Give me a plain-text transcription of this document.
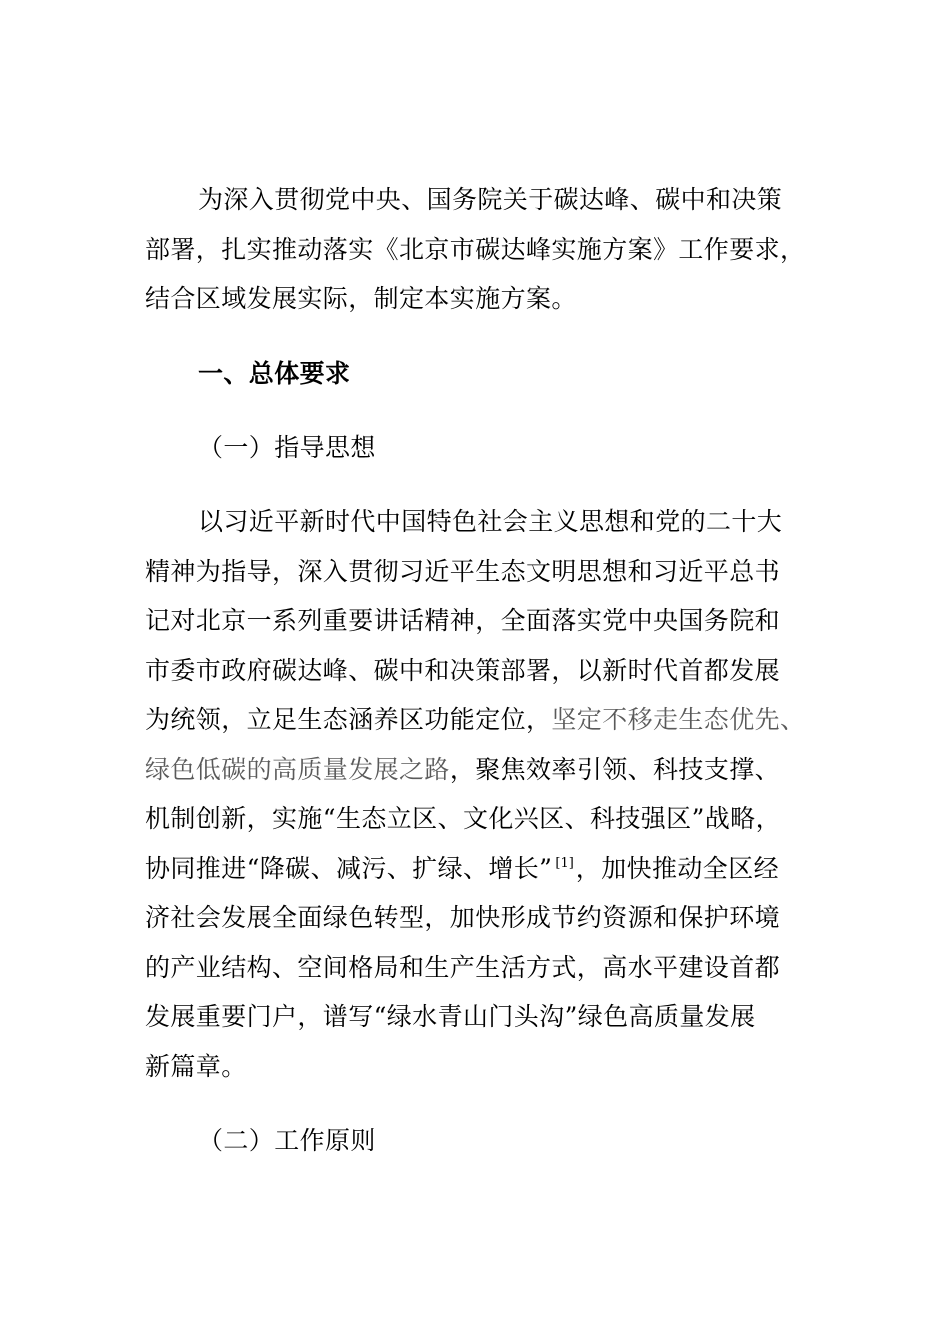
为深入贯彻党中央、国务院关于碳达峰、碳中和决策
部署，扎实推动落实《北京市碳达峰实施方案》工作要求，
结合区域发展实际，制定本实施方案。
一、总体要求
（一）指导思想
以习近平新时代中国特色社会主义思想和党的二十大
精神为指导，深入贯彻习近平生态文明思想和习近平总书
记对北京一系列重要讲话精神，全面落实党中央国务院和
市委市政府碳达峰、碳中和决策部署，以新时代首都发展
为统领，立足生态涵养区功能定位，坚定不移走生态优先、
绿色低碳的高质量发展之路，聚焦效率引领、科技支撑、
机制创新，实施“生态立区、文化兴区、科技强区”战略，
协同推进“降碳、减污、扩绿、增长” [1]，加快推动全区经
济社会发展全面绿色转型，加快形成节约资源和保护环境
的产业结构、空间格局和生产生活方式，高水平建设首都
发展重要门户，谱写“绿水青山门头沟”绿色高质量发展
新篇章。
（二）工作原则
